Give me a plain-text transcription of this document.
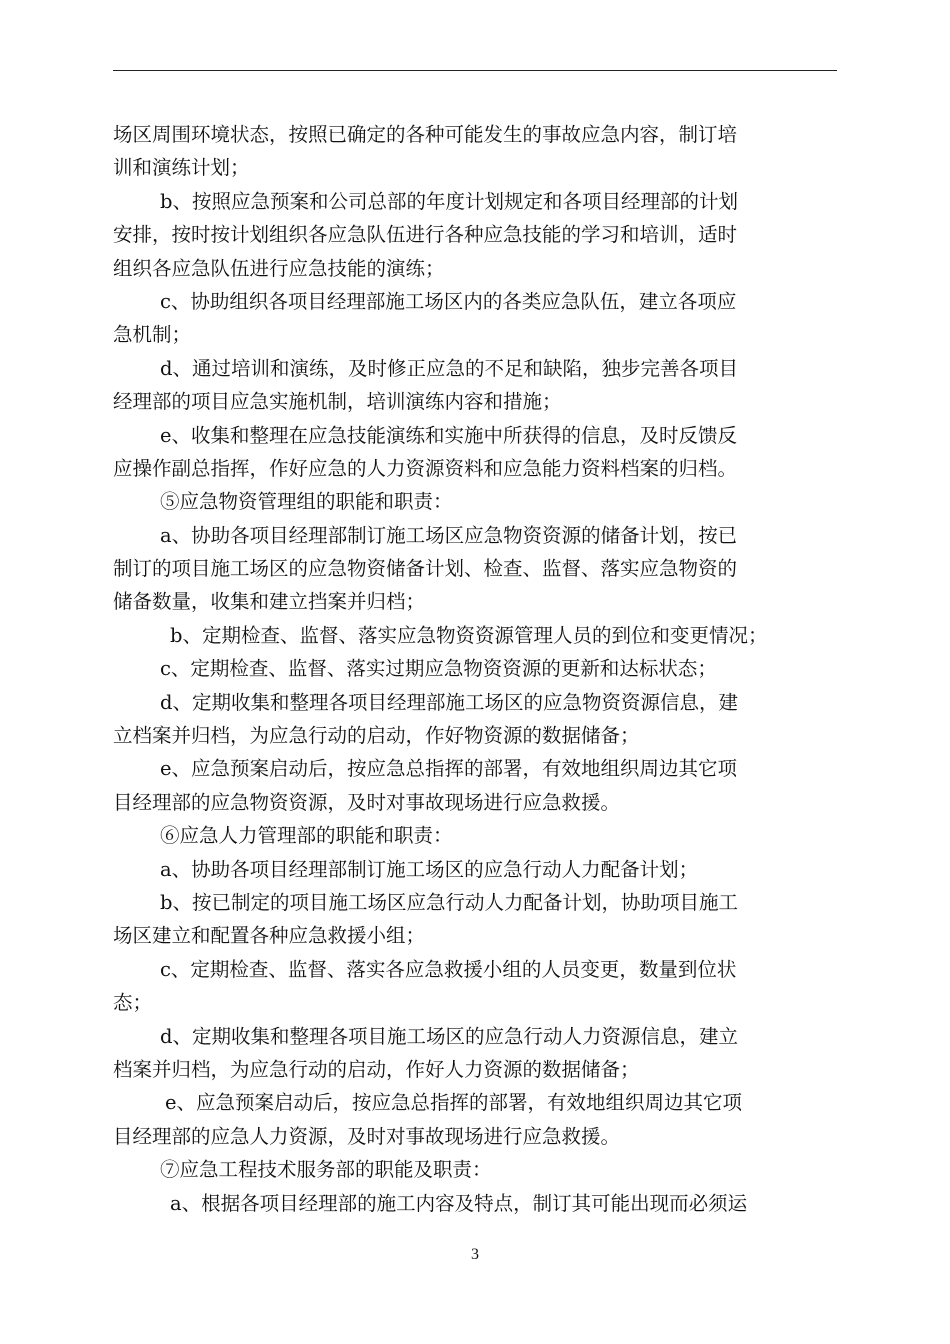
场区周围环境状态，按照已确定的各种可能发生的事故应急内容，制订培
训和演练计划；
b、按照应急预案和公司总部的年度计划规定和各项目经理部的计划
安排，按时按计划组织各应急队伍进行各种应急技能的学习和培训，适时
组织各应急队伍进行应急技能的演练；
c、协助组织各项目经理部施工场区内的各类应急队伍，建立各项应
急机制；
d、通过培训和演练，及时修正应急的不足和缺陷，独步完善各项目
经理部的项目应急实施机制，培训演练内容和措施；
e、收集和整理在应急技能演练和实施中所获得的信息，及时反馈反
应操作副总指挥，作好应急的人力资源资料和应急能力资料档案的归档。
⑤应急物资管理组的职能和职责：
a、协助各项目经理部制订施工场区应急物资资源的储备计划，按已
制订的项目施工场区的应急物资储备计划、检查、监督、落实应急物资的
储备数量，收集和建立挡案并归档；
b、定期检查、监督、落实应急物资资源管理人员的到位和变更情况；
c、定期检查、监督、落实过期应急物资资源的更新和达标状态；
d、定期收集和整理各项目经理部施工场区的应急物资资源信息，建
立档案并归档，为应急行动的启动，作好物资源的数据储备；
e、应急预案启动后，按应急总指挥的部署，有效地组织周边其它项
目经理部的应急物资资源，及时对事故现场进行应急救援。
⑥应急人力管理部的职能和职责：
a、协助各项目经理部制订施工场区的应急行动人力配备计划；
b、按已制定的项目施工场区应急行动人力配备计划，协助项目施工
场区建立和配置各种应急救援小组；
c、定期检查、监督、落实各应急救援小组的人员变更，数量到位状
态；
d、定期收集和整理各项目施工场区的应急行动人力资源信息，建立
档案并归档，为应急行动的启动，作好人力资源的数据储备；
e、应急预案启动后，按应急总指挥的部署，有效地组织周边其它项
目经理部的应急人力资源，及时对事故现场进行应急救援。
⑦应急工程技术服务部的职能及职责：
a、根据各项目经理部的施工内容及特点，制订其可能出现而必须运
3
